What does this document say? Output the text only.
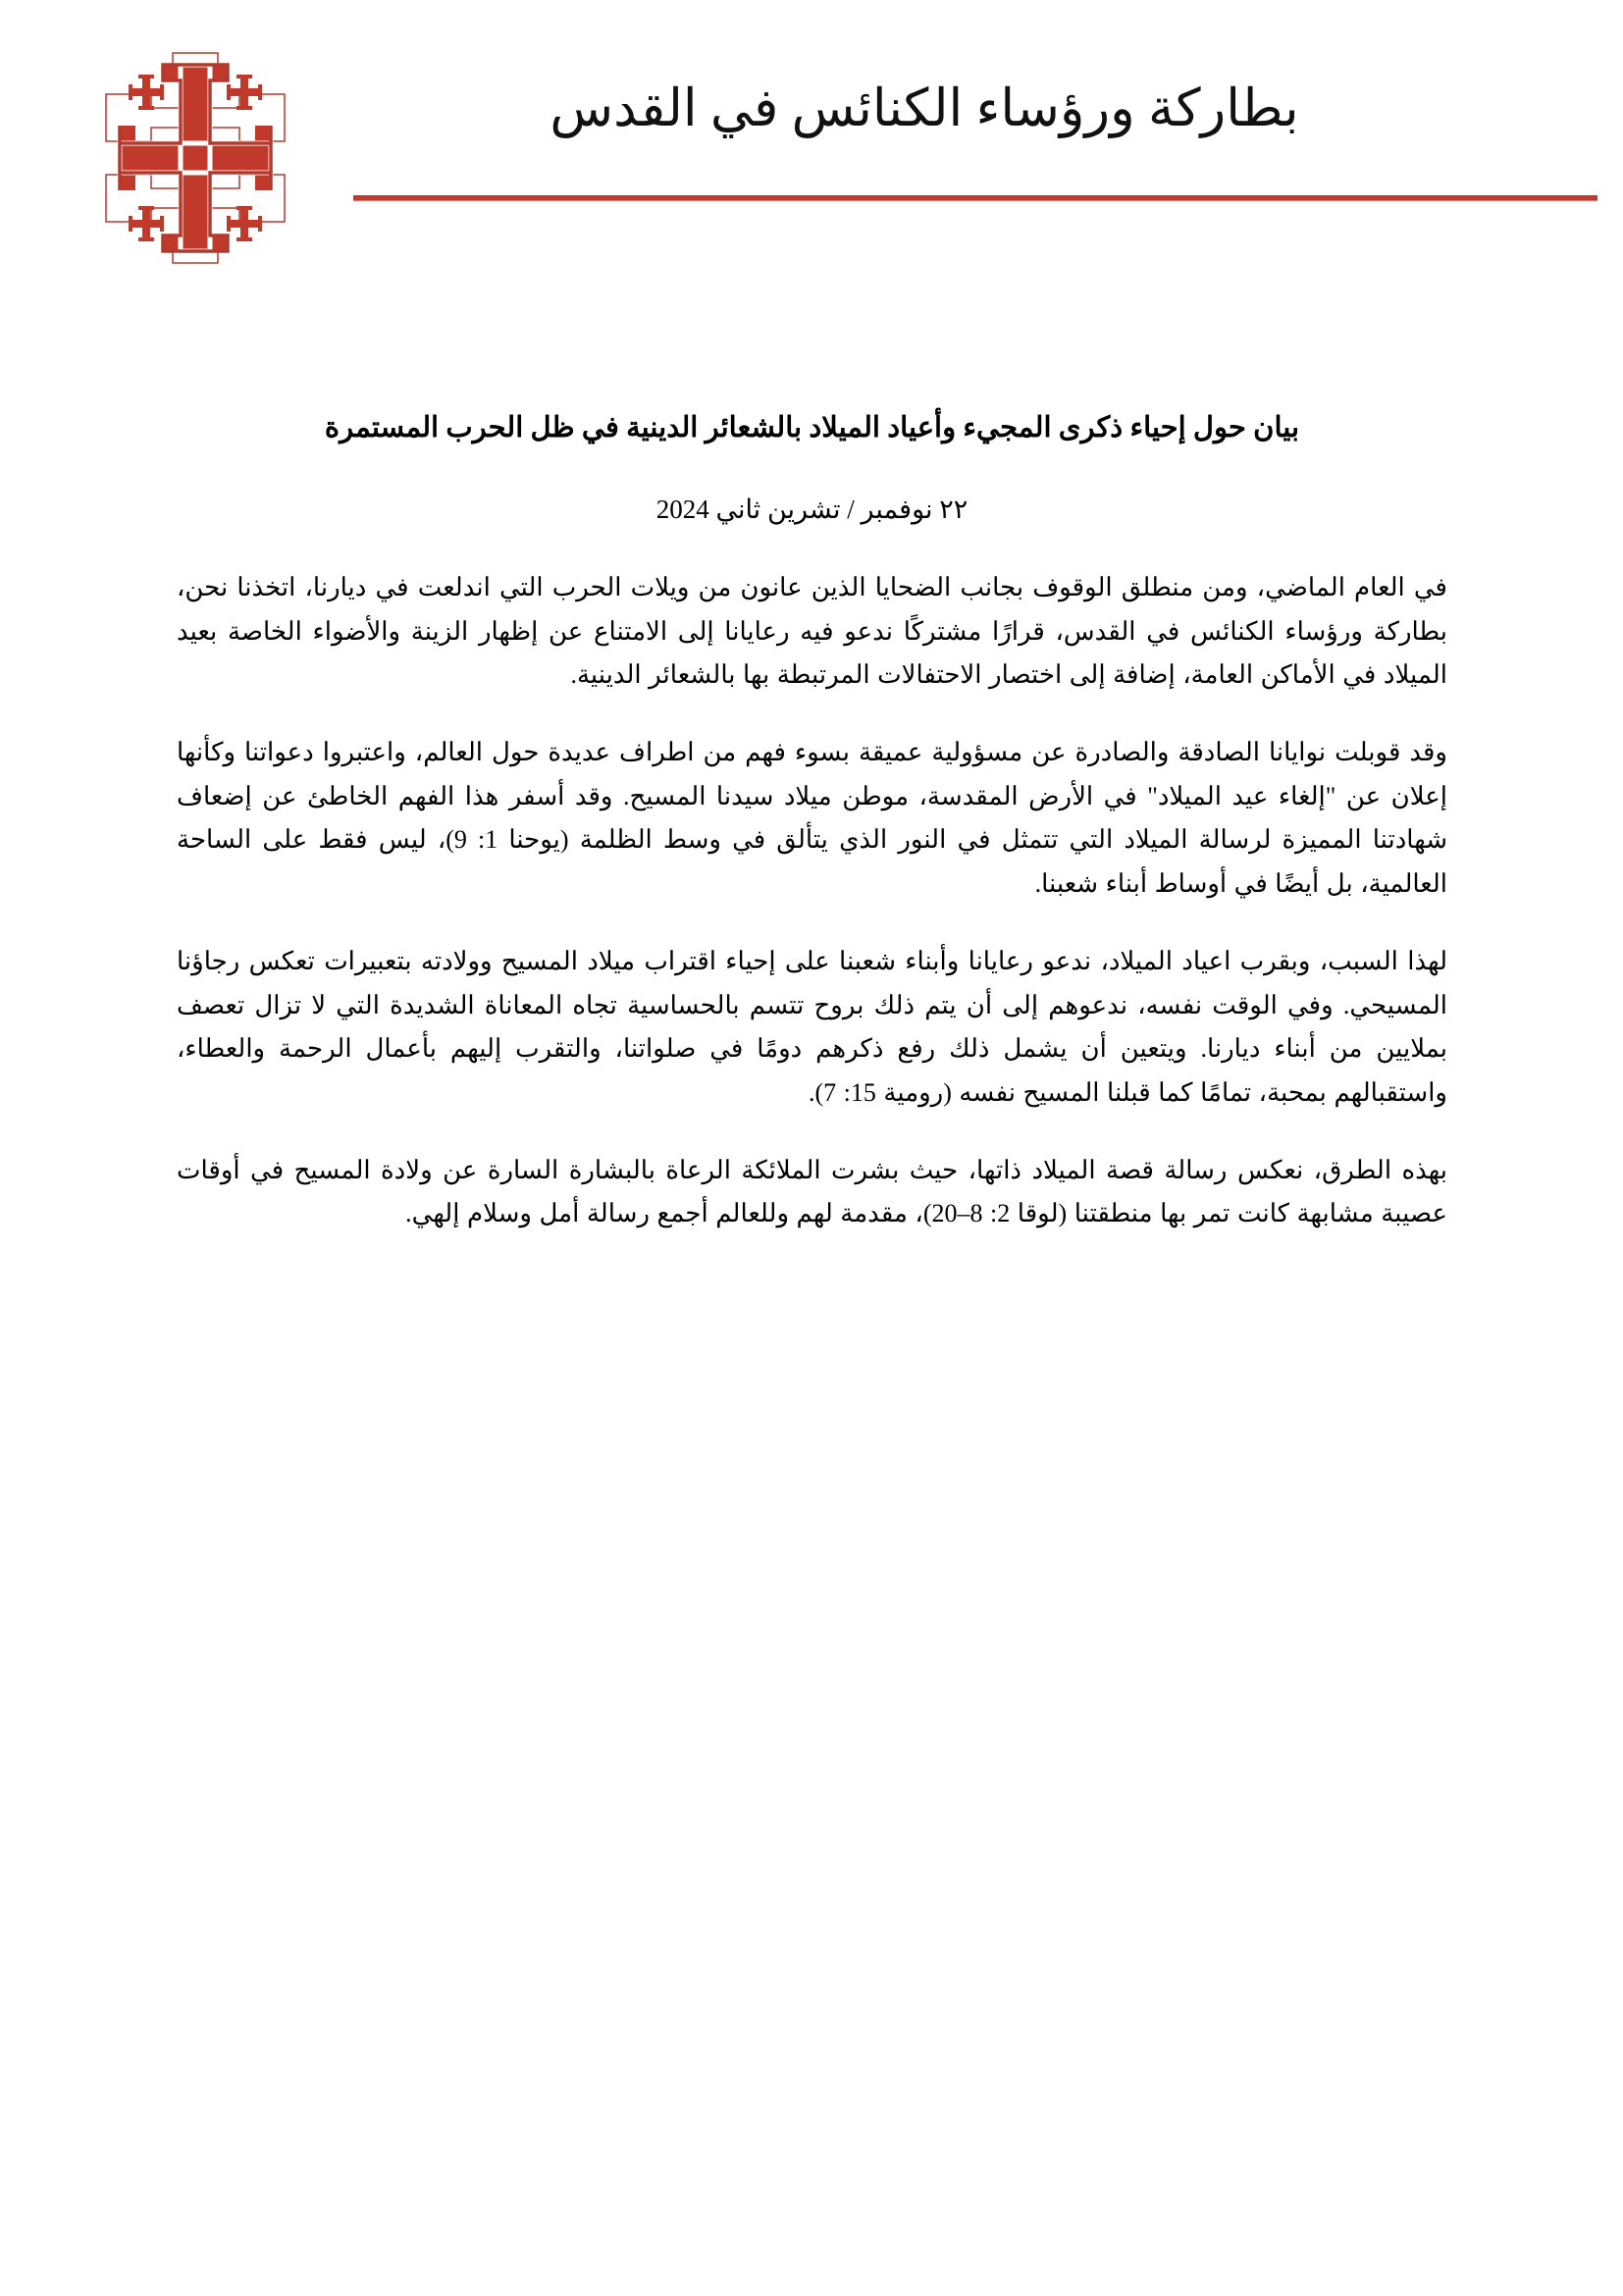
بطاركة ورؤساء الكنائس في القدس
بيان حول إحياء ذكرى المجيء وأعياد الميلاد بالشعائر الدينية في ظل الحرب المستمرة
٢٢ نوفمبر / تشرين ثاني 2024

في العام الماضي، ومن منطلق الوقوف بجانب الضحايا الذين عانون من ويلات الحرب التي اندلعت في ديارنا، اتخذنا نحن، بطاركة ورؤساء الكنائس في القدس، قرارًا مشتركًا ندعو فيه رعايانا إلى الامتناع عن إظهار الزينة والأضواء الخاصة بعيد الميلاد في الأماكن العامة، إضافة إلى اختصار الاحتفالات المرتبطة بها بالشعائر الدينية.

وقد قوبلت نوايانا الصادقة والصادرة عن مسؤولية عميقة بسوء فهم من اطراف عديدة حول العالم، واعتبروا دعواتنا وكأنها إعلان عن "إلغاء عيد الميلاد" في الأرض المقدسة، موطن ميلاد سيدنا المسيح. وقد أسفر هذا الفهم الخاطئ عن إضعاف شهادتنا المميزة لرسالة الميلاد التي تتمثل في النور الذي يتألق في وسط الظلمة (يوحنا 1: 9)، ليس فقط على الساحة العالمية، بل أيضًا في أوساط أبناء شعبنا.

لهذا السبب، وبقرب اعياد الميلاد، ندعو رعايانا وأبناء شعبنا على إحياء اقتراب ميلاد المسيح وولادته بتعبيرات تعكس رجاؤنا المسيحي. وفي الوقت نفسه، ندعوهم إلى أن يتم ذلك بروح تتسم بالحساسية تجاه المعاناة الشديدة التي لا تزال تعصف بملايين من أبناء ديارنا. ويتعين أن يشمل ذلك رفع ذكرهم دومًا في صلواتنا، والتقرب إليهم بأعمال الرحمة والعطاء، واستقبالهم بمحبة، تمامًا كما قبلنا المسيح نفسه (رومية 15: 7).

بهذه الطرق، نعكس رسالة قصة الميلاد ذاتها، حيث بشرت الملائكة الرعاة بالبشارة السارة عن ولادة المسيح في أوقات عصيبة مشابهة كانت تمر بها منطقتنا (لوقا 2: 8–20)، مقدمة لهم وللعالم أجمع رسالة أمل وسلام إلهي.
